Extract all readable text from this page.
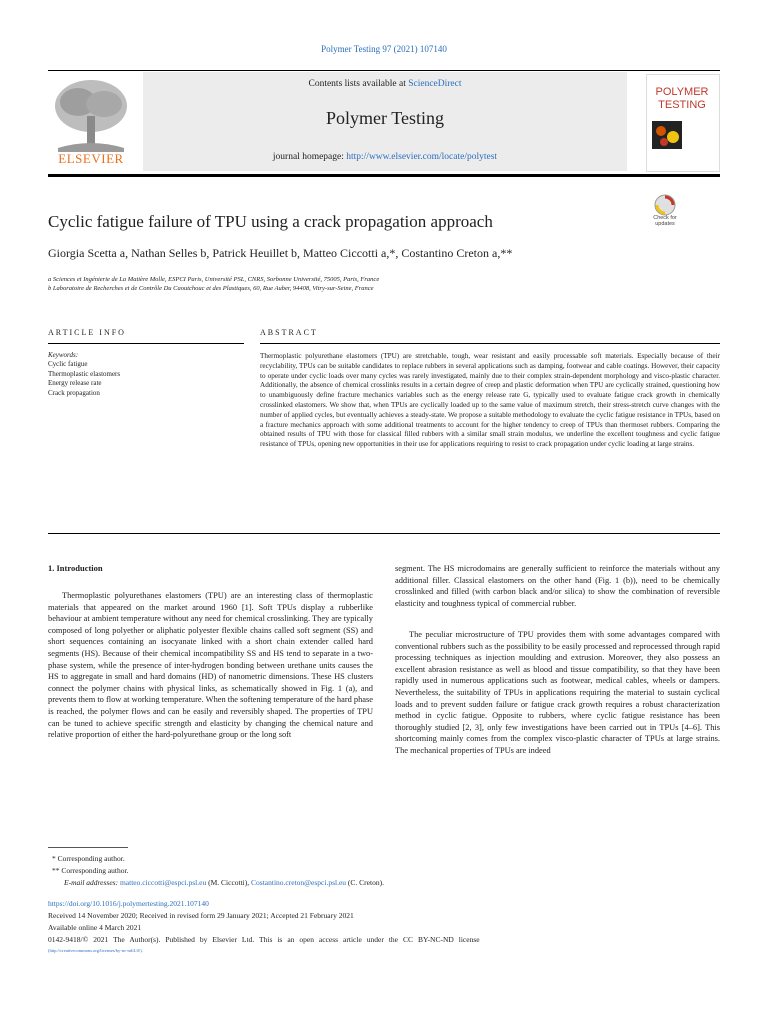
Polymer Testing 97 (2021) 107140
Contents lists available at ScienceDirect
Polymer Testing
journal homepage: http://www.elsevier.com/locate/polytest
ELSEVIER
POLYMER
TESTING
Cyclic fatigue failure of TPU using a crack propagation approach	Check for updates
Giorgia Scetta a, Nathan Selles b, Patrick Heuillet b, Matteo Ciccotti a,*, Costantino Creton a,**
a Sciences et Ingénierie de La Matière Molle, ESPCI Paris, Université PSL, CNRS, Sorbonne Université, 75005, Paris, France
b Laboratoire de Recherches et de Contrôle Du Caoutchouc et des Plastiques, 60, Rue Auber, 94408, Vitry-sur-Seine, France
ARTICLE INFO	ABSTRACT
Keywords:
Cyclic fatigue
Thermoplastic elastomers
Energy release rate
Crack propagation
Thermoplastic polyurethane elastomers (TPU) are stretchable, tough, wear resistant and easily processable soft materials. Especially because of their recyclability, TPUs can be suitable candidates to replace rubbers in several applications such as damping, footwear and cable coatings. However, their capacity to operate under cyclic loads over many cycles was rarely investigated, mainly due to their complex strain-dependent morphology and visco-plastic character. Additionally, the absence of chemical crosslinks results in a certain degree of creep and plastic deformation when TPU are cyclically strained, questioning how to unambiguously define fracture mechanics variables such as the energy release rate G, typically used to evaluate fatigue crack growth in chemically crosslinked elastomers. We show that, when TPUs are cyclically loaded up to the same value of maximum stretch, their stress-stretch curve changes with the number of applied cycles, but eventually achieves a steady-state. We propose a suitable methodology to evaluate the cyclic fatigue resistance in TPUs, based on a fracture mechanics approach with some additional treatments to account for the higher tendency to creep of TPUs than thermoset rubbers. Comparing the obtained results of TPU with those for classical filled rubbers with a similar small strain modulus, we underline the excellent toughness and cyclic fatigue resistance of TPUs, opening new opportunities in their use for applications requiring to resist to crack propagation under cyclic loading at large strains.
1. Introduction
Thermoplastic polyurethanes elastomers (TPU) are an interesting class of thermoplastic materials that appeared on the market around 1960 [1]. Soft TPUs display a rubberlike behaviour at ambient temperature without any need for chemical crosslinking. They are typically composed of long polyether or aliphatic polyester flexible chains called soft segment (SS) and short sequences containing an isocyanate linked with a short chain extender called hard segments (HS). Because of their chemical incompatibility SS and HS tend to separate in a two-phase system, while the presence of inter-hydrogen bonding between urethane units causes the HS to aggregate in small and hard domains (HD) of nanometric dimensions. These HS clusters connect the polymer chains with physical links, as schematically showed in Fig. 1 (a), and prevents them to flow at working temperature. When the softening temperature of the hard phase is reached, the polymer flows and can be easily and reversibly shaped. The properties of TPU can be tuned to achieve specific strength and elasticity by changing the chemical nature and relative proportion of either the hard-polyurethane group or the long soft
segment. The HS microdomains are generally sufficient to reinforce the materials without any additional filler. Classical elastomers on the other hand (Fig. 1 (b)), need to be chemically crosslinked and filled (with carbon black and/or silica) to show the combination of reversible elasticity and toughness typical of commercial rubber.
The peculiar microstructure of TPU provides them with some advantages compared with conventional rubbers such as the possibility to be easily processed and reprocessed through rapid processing techniques as injection moulding and extrusion. Moreover, they also possess an excellent abrasion resistance as well as blood and tissue compatibility, so that they have been rapidly used in numerous applications such as footwear, medical cables, wheels or dampers. Nevertheless, the suitability of TPUs in applications requiring the material to sustain cyclical loads and to prevent sudden failure or fatigue crack growth requires a robust characterization method in cyclic fatigue. Opposite to rubbers, where cyclic fatigue resistance has been thoroughly studied [2, 3], only few investigations have been carried out in TPUs [4–6]. This shortcoming mainly comes from the complex visco-plastic character of TPUs at large strains. The mechanical properties of TPUs are indeed
* Corresponding author.
** Corresponding author.
E-mail addresses: matteo.ciccotti@espci.psl.eu (M. Ciccotti), Costantino.creton@espci.psl.eu (C. Creton).
https://doi.org/10.1016/j.polymertesting.2021.107140
Received 14 November 2020; Received in revised form 29 January 2021; Accepted 21 February 2021
Available online 4 March 2021
0142-9418/© 2021 The Author(s). Published by Elsevier Ltd. This is an open access article under the CC BY-NC-ND license
(http://creativecommons.org/licenses/by-nc-nd/4.0/).
